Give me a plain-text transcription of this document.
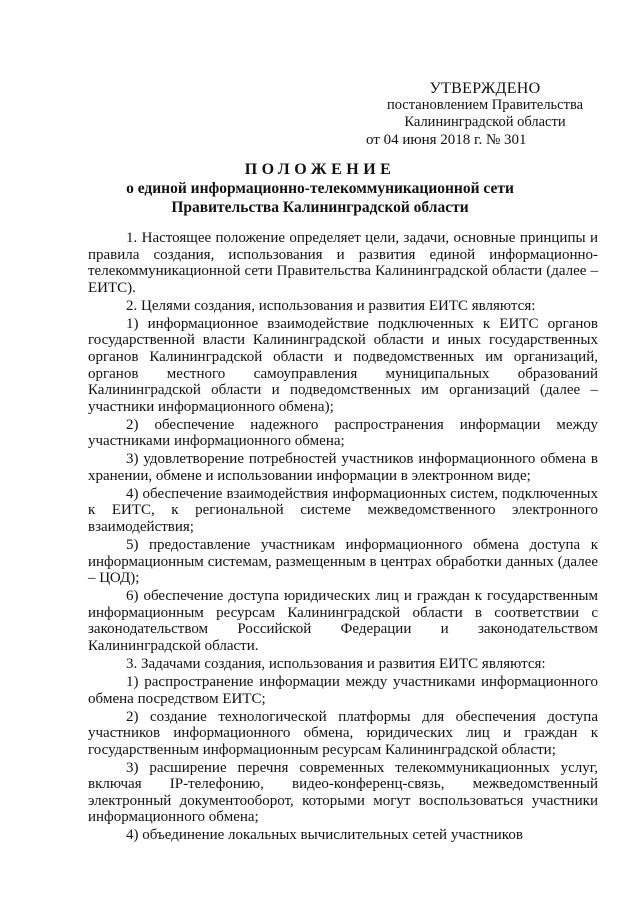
УТВЕРЖДЕНО
постановлением Правительства
Калининградской области
от 04 июня 2018 г. № 301
ПОЛОЖЕНИЕ
о единой информационно-телекоммуникационной сети
Правительства Калининградской области

1. Настоящее положение определяет цели, задачи, основные принципы и правила создания, использования и развития единой информационно-телекоммуникационной сети Правительства Калининградской области (далее – ЕИТС).

2. Целями создания, использования и развития ЕИТС являются:

1) информационное взаимодействие подключенных к ЕИТС органов государственной власти Калининградской области и иных государственных органов Калининградской области и подведомственных им организаций, органов местного самоуправления муниципальных образований Калининградской области и подведомственных им организаций (далее – участники информационного обмена);

2) обеспечение надежного распространения информации между участниками информационного обмена;

3) удовлетворение потребностей участников информационного обмена в хранении, обмене и использовании информации в электронном виде;

4) обеспечение взаимодействия информационных систем, подключенных к ЕИТС, к региональной системе межведомственного электронного взаимодействия;

5) предоставление участникам информационного обмена доступа к информационным системам, размещенным в центрах обработки данных (далее – ЦОД);

6) обеспечение доступа юридических лиц и граждан к государственным информационным ресурсам Калининградской области в соответствии с законодательством Российской Федерации и законодательством Калининградской области.

3. Задачами создания, использования и развития ЕИТС являются:

1) распространение информации между участниками информационного обмена посредством ЕИТС;

2) создание технологической платформы для обеспечения доступа участников информационного обмена, юридических лиц и граждан к государственным информационным ресурсам Калининградской области;

3) расширение перечня современных телекоммуникационных услуг, включая IP-телефонию, видео-конференц-связь, межведомственный электронный документооборот, которыми могут воспользоваться участники информационного обмена;

4) объединение локальных вычислительных сетей участников
